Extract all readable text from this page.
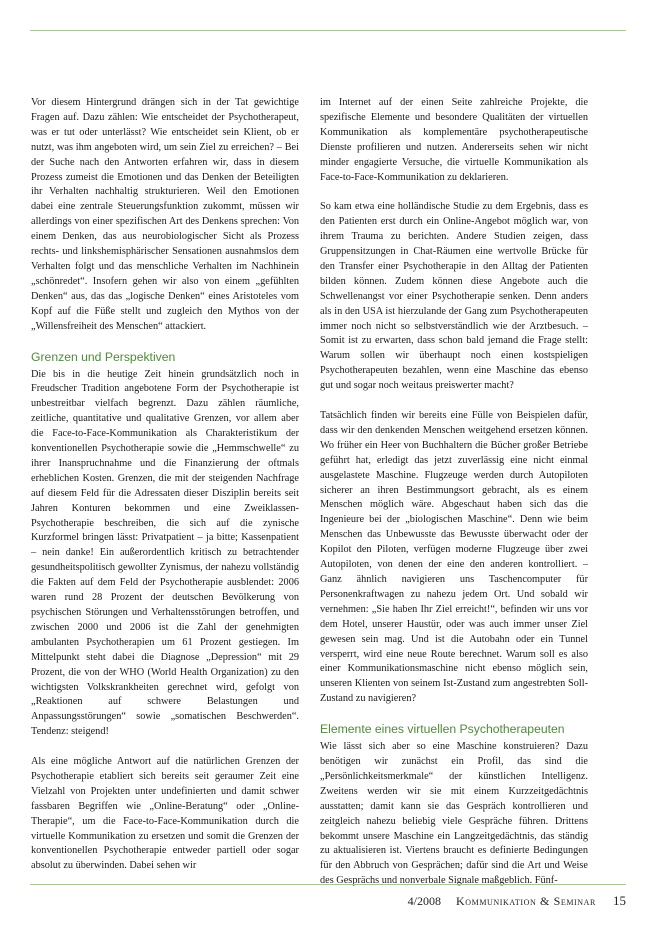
Vor diesem Hintergrund drängen sich in der Tat gewichtige Fragen auf. Dazu zählen: Wie entscheidet der Psychotherapeut, was er tut oder unterlässt? Wie entscheidet sein Klient, ob er nutzt, was ihm angeboten wird, um sein Ziel zu erreichen? – Bei der Suche nach den Antworten erfahren wir, dass in diesem Prozess zumeist die Emotionen und das Denken der Beteiligten ihr Verhalten nachhaltig strukturieren. Weil den Emotionen dabei eine zentrale Steuerungsfunktion zukommt, müssen wir allerdings von einer spezifischen Art des Denkens sprechen: Von einem Denken, das aus neurobiologischer Sicht als Prozess rechts- und linkshemisphärischer Sensationen ausnahmslos dem Verhalten folgt und das menschliche Verhalten im Nachhinein „schönredet“. Insofern gehen wir also von einem „gefühlten Denken“ aus, das das „logische Denken“ eines Aristoteles vom Kopf auf die Füße stellt und zugleich den Mythos von der „Willensfreiheit des Menschen“ attackiert.

Grenzen und Perspektiven

Die bis in die heutige Zeit hinein grundsätzlich noch in Freudscher Tradition angebotene Form der Psychotherapie ist unbestreitbar vielfach begrenzt. Dazu zählen räumliche, zeitliche, quantitative und qualitative Grenzen, vor allem aber die Face-to-Face-Kommunikation als Charakteristikum der konventionellen Psychotherapie sowie die „Hemmschwelle“ zu ihrer Inanspruchnahme und die Finanzierung der oftmals erheblichen Kosten. Grenzen, die mit der steigenden Nachfrage auf diesem Feld für die Adressaten dieser Disziplin bereits seit Jahren Konturen bekommen und eine Zweiklassen-Psychotherapie beschreiben, die sich auf die zynische Kurzformel bringen lässt: Privatpatient – ja bitte; Kassenpatient – nein danke! Ein außerordentlich kritisch zu betrachtender gesundheitspolitisch gewollter Zynismus, der nahezu vollständig die Fakten auf dem Feld der Psychotherapie ausblendet: 2006 waren rund 28 Prozent der deutschen Bevölkerung von psychischen Störungen und Verhaltensstörungen betroffen, und zwischen 2000 und 2006 ist die Zahl der genehmigten ambulanten Psychotherapien um 61 Prozent gestiegen. Im Mittelpunkt steht dabei die Diagnose „Depression“ mit 29 Prozent, die von der WHO (World Health Organization) zu den wichtigsten Volkskrankheiten gerechnet wird, gefolgt von „Reaktionen auf schwere Belastungen und Anpassungsstörungen“ sowie „somatischen Beschwerden“. Tendenz: steigend!

Als eine mögliche Antwort auf die natürlichen Grenzen der Psychotherapie etabliert sich bereits seit geraumer Zeit eine Vielzahl von Projekten unter undefinierten und damit schwer fassbaren Begriffen wie „Online-Beratung“ oder „Online-Therapie“, um die Face-to-Face-Kommunikation durch die virtuelle Kommunikation zu ersetzen und somit die Grenzen der konventionellen Psychotherapie entweder partiell oder sogar absolut zu überwinden. Dabei sehen wir

im Internet auf der einen Seite zahlreiche Projekte, die spezifische Elemente und besondere Qualitäten der virtuellen Kommunikation als komplementäre psychotherapeutische Dienste profilieren und nutzen. Andererseits sehen wir nicht minder engagierte Versuche, die virtuelle Kommunikation als Face-to-Face-Kommunikation zu deklarieren.

So kam etwa eine holländische Studie zu dem Ergebnis, dass es den Patienten erst durch ein Online-Angebot möglich war, von ihrem Trauma zu berichten. Andere Studien zeigen, dass Gruppensitzungen in Chat-Räumen eine wertvolle Brücke für den Transfer einer Psychotherapie in den Alltag der Patienten bilden können. Zudem können diese Angebote auch die Schwellenangst vor einer Psychotherapie senken. Denn anders als in den USA ist hierzulande der Gang zum Psychotherapeuten immer noch nicht so selbstverständlich wie der Arztbesuch. – Somit ist zu erwarten, dass schon bald jemand die Frage stellt: Warum sollen wir überhaupt noch einen kostspieligen Psychotherapeuten bezahlen, wenn eine Maschine das ebenso gut und sogar noch weitaus preiswerter macht?

Tatsächlich finden wir bereits eine Fülle von Beispielen dafür, dass wir den denkenden Menschen weitgehend ersetzen können. Wo früher ein Heer von Buchhaltern die Bücher großer Betriebe geführt hat, erledigt das jetzt zuverlässig eine nicht einmal ausgelastete Maschine. Flugzeuge werden durch Autopiloten sicherer an ihren Bestimmungsort gebracht, als es einem Menschen möglich wäre. Abgeschaut haben sich das die Ingenieure bei der „biologischen Maschine“. Denn wie beim Menschen das Unbewusste das Bewusste überwacht oder der Kopilot den Piloten, verfügen moderne Flugzeuge über zwei Autopiloten, von denen der eine den anderen kontrolliert. – Ganz ähnlich navigieren uns Taschencomputer für Personenkraftwagen zu nahezu jedem Ort. Und sobald wir vernehmen: „Sie haben Ihr Ziel erreicht!“, befinden wir uns vor dem Hotel, unserer Haustür, oder was auch immer unser Ziel gewesen sein mag. Und ist die Autobahn oder ein Tunnel versperrt, wird eine neue Route berechnet. Warum soll es also einer Kommunikationsmaschine nicht ebenso möglich sein, unseren Klienten von seinem Ist-Zustand zum angestrebten Soll-Zustand zu navigieren?

Elemente eines virtuellen Psychotherapeuten

Wie lässt sich aber so eine Maschine konstruieren? Dazu benötigen wir zunächst ein Profil, das sind die „Persönlichkeitsmerkmale“ der künstlichen Intelligenz. Zweitens werden wir sie mit einem Kurzzeitgedächtnis ausstatten; damit kann sie das Gespräch kontrollieren und zeitgleich nahezu beliebig viele Gespräche führen. Drittens bekommt unsere Maschine ein Langzeitgedächtnis, das ständig zu aktualisieren ist. Viertens braucht es definierte Bedingungen für den Abbruch von Gesprächen; dafür sind die Art und Weise des Gesprächs und nonverbale Signale maßgeblich. Fünf-

4/2008 Kommunikation & Seminar 15
